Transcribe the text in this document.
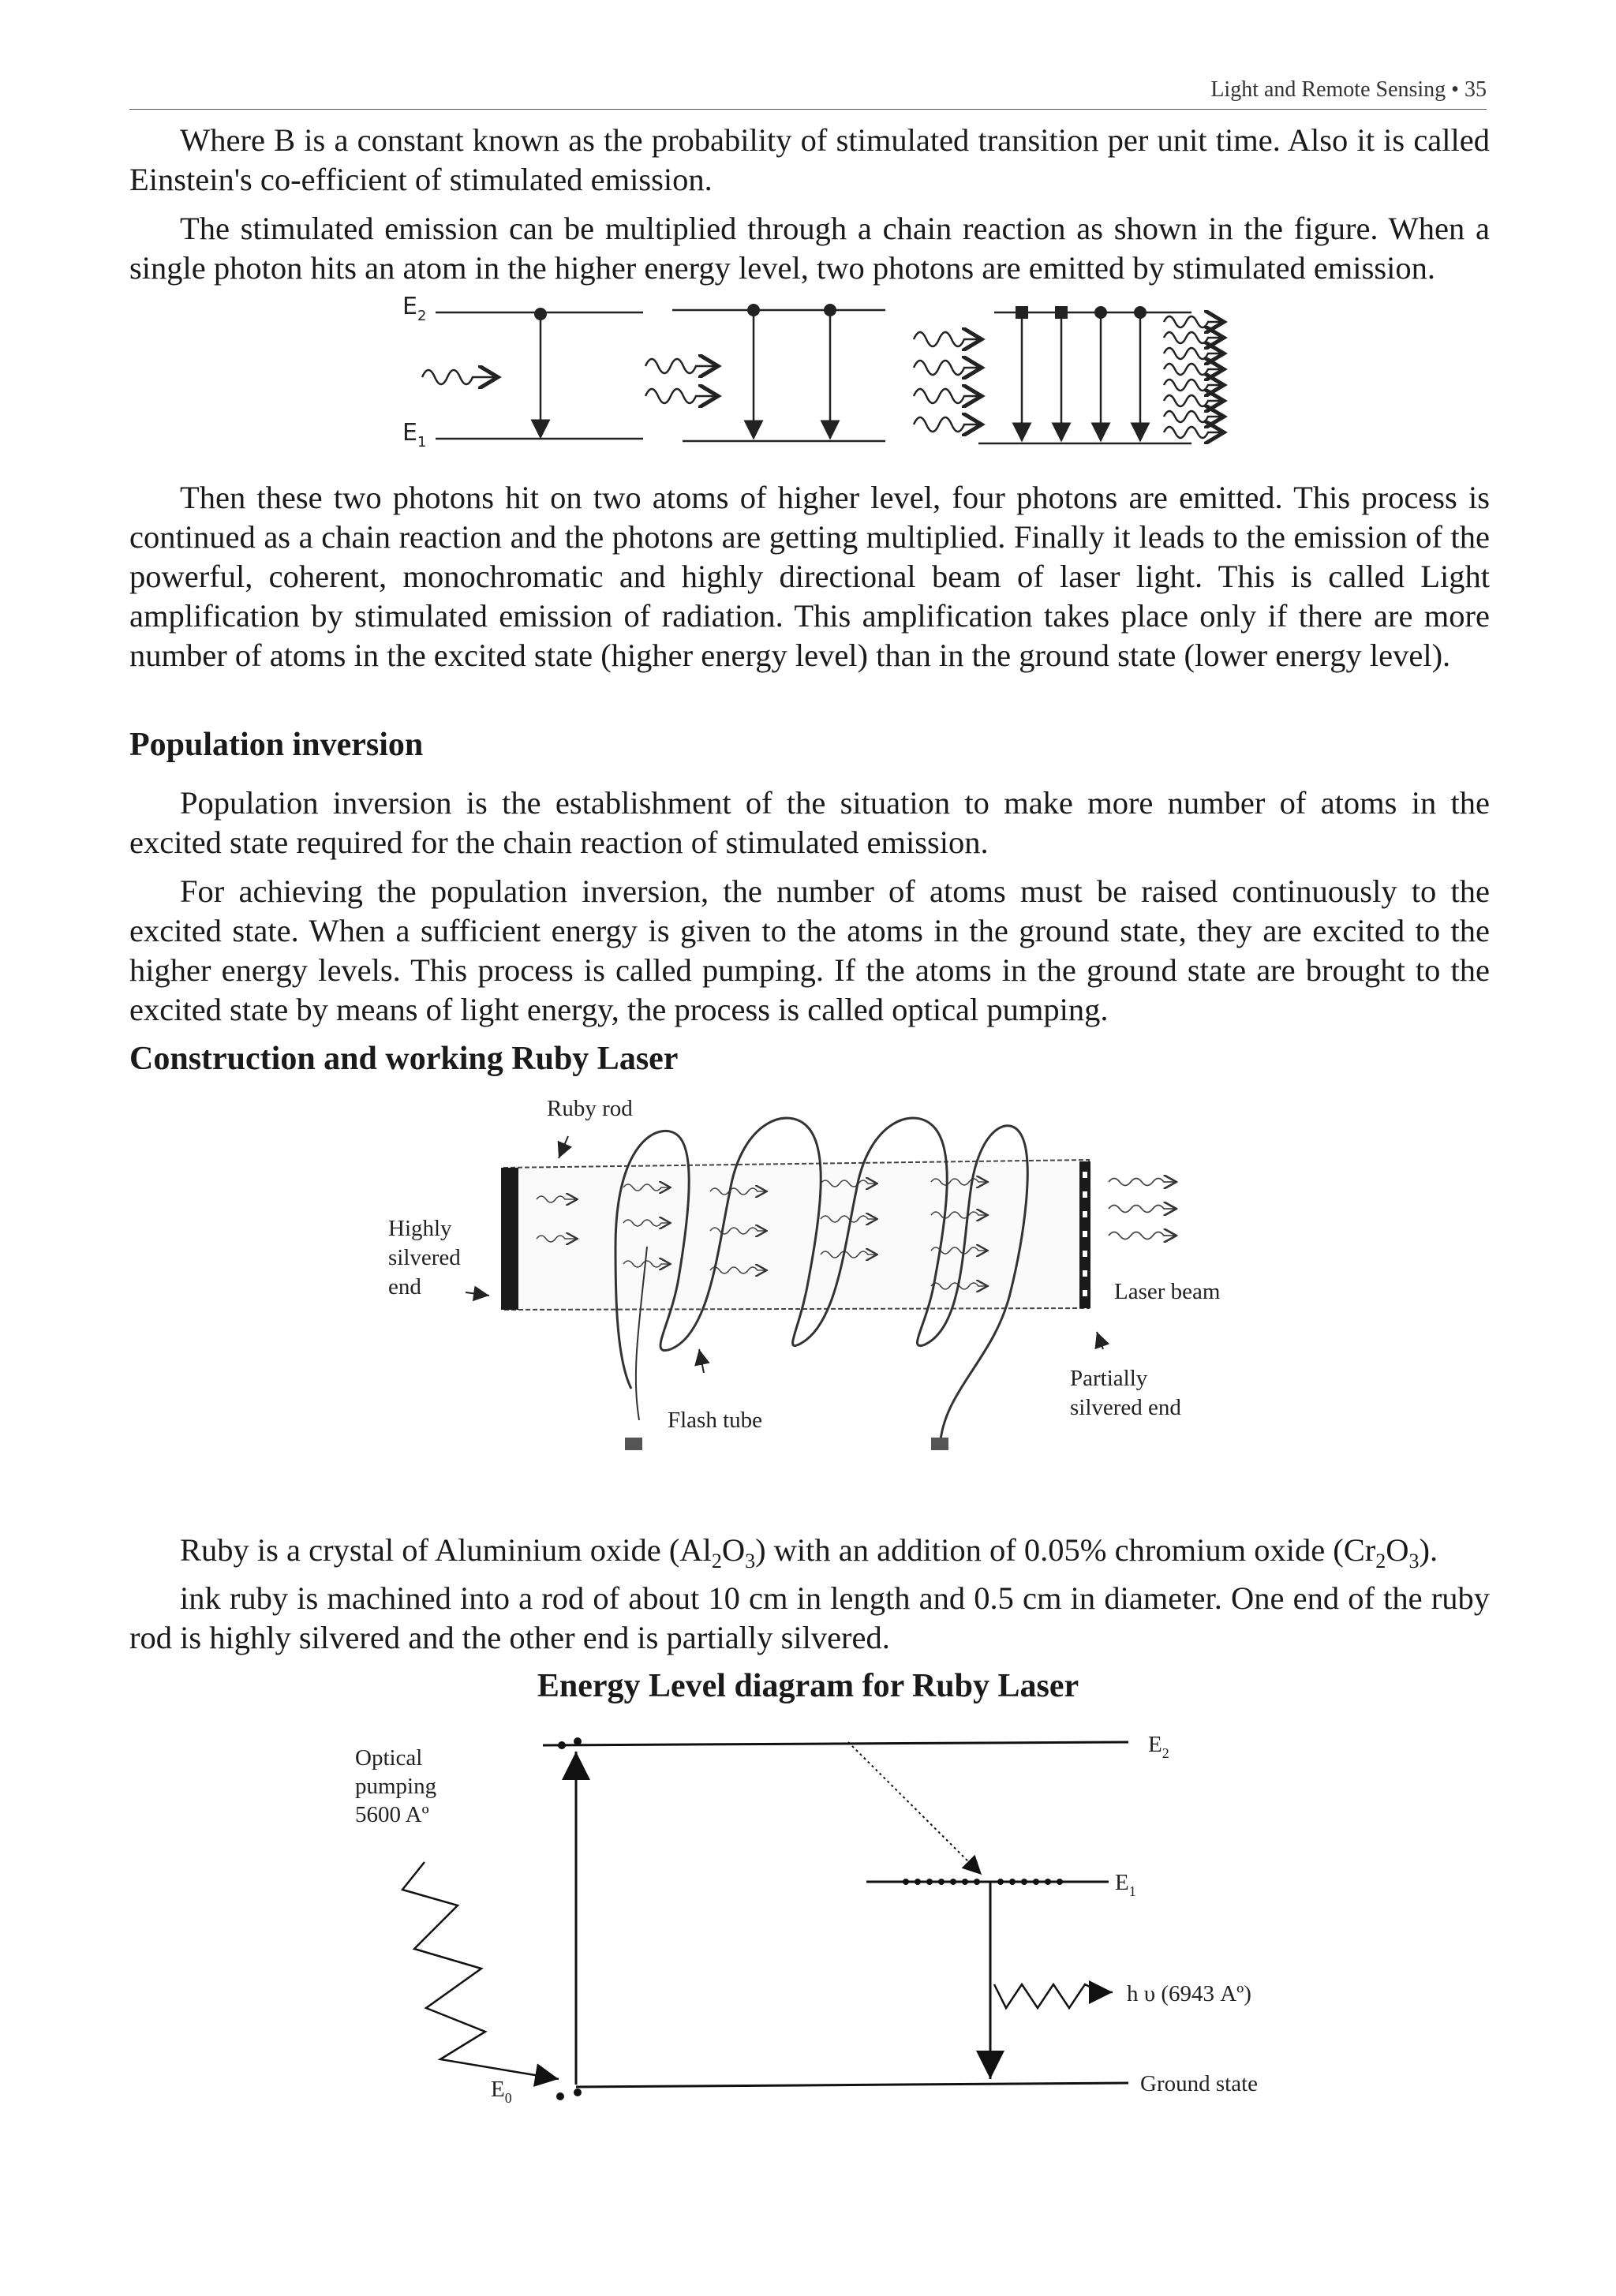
Light and Remote Sensing • 35

Where B is a constant known as the probability of stimulated transition per unit time. Also it is called Einstein's co-efficient of stimulated emission.

The stimulated emission can be multiplied through a chain reaction as shown in the figure. When a single photon hits an atom in the higher energy level, two photons are emitted by stimulated emission.

$E_2$
$E_1$

Then these two photons hit on two atoms of higher level, four photons are emitted. This process is continued as a chain reaction and the photons are getting multiplied. Finally it leads to the emission of the powerful, coherent, monochromatic and highly directional beam of laser light. This is called Light amplification by stimulated emission of radiation. This amplification takes place only if there are more number of atoms in the excited state (higher energy level) than in the ground state (lower energy level).

Population inversion

Population inversion is the establishment of the situation to make more number of atoms in the excited state required for the chain reaction of stimulated emission.

For achieving the population inversion, the number of atoms must be raised continuously to the excited state. When a sufficient energy is given to the atoms in the ground state, they are excited to the higher energy levels. This process is called pumping. If the atoms in the ground state are brought to the excited state by means of light energy, the process is called optical pumping.

Construction and working Ruby Laser
Ruby rod
Highly
silvered
end	Laser beam
Flash tube
Partially
silvered end

Ruby is a crystal of Aluminium oxide $(Al_2O_3)$ with an addition of 0.05% chromium oxide $(Cr_2O_3)$.

ink ruby is machined into a rod of about 10 cm in length and 0.5 cm in diameter. One end of the ruby rod is highly silvered and the other end is partially silvered.

Energy Level diagram for Ruby Laser
Optical
pumping
5600 Aº
$E_2$
$E_1$
$E_0$
h υ (6943 Aº)
Ground state
